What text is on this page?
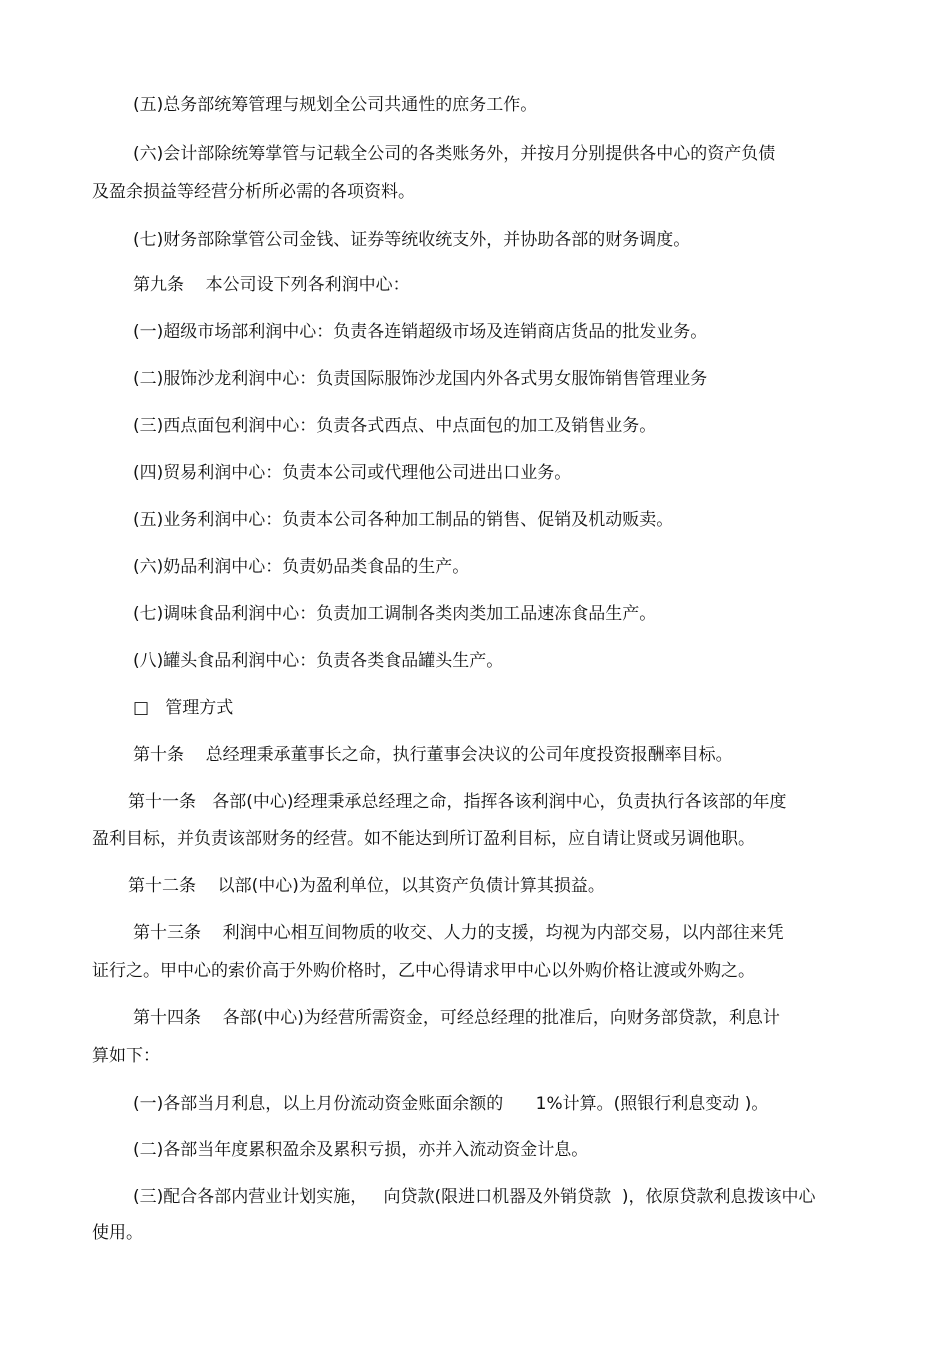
(五)总务部统筹管理与规划全公司共通性的庶务工作。
(六)会计部除统筹掌管与记载全公司的各类账务外，并按月分别提供各中心的资产负债
及盈余损益等经营分析所必需的各项资料。
(七)财务部除掌管公司金钱、证券等统收统支外，并协助各部的财务调度。
第九条    本公司设下列各利润中心：
(一)超级市场部利润中心：负责各连销超级市场及连销商店货品的批发业务。
(二)服饰沙龙利润中心：负责国际服饰沙龙国内外各式男女服饰销售管理业务
(三)西点面包利润中心：负责各式西点、中点面包的加工及销售业务。
(四)贸易利润中心：负责本公司或代理他公司进出口业务。
(五)业务利润中心：负责本公司各种加工制品的销售、促销及机动贩卖。
(六)奶品利润中心：负责奶品类食品的生产。
(七)调味食品利润中心：负责加工调制各类肉类加工品速冻食品生产。
(八)罐头食品利润中心：负责各类食品罐头生产。
□   管理方式
第十条    总经理秉承董事长之命，执行董事会决议的公司年度投资报酬率目标。
第十一条   各部(中心)经理秉承总经理之命，指挥各该利润中心，负责执行各该部的年度
盈利目标，并负责该部财务的经营。如不能达到所订盈利目标，应自请让贤或另调他职。
第十二条    以部(中心)为盈利单位，以其资产负债计算其损益。
第十三条    利润中心相互间物质的收交、人力的支援，均视为内部交易，以内部往来凭
证行之。甲中心的索价高于外购价格时，乙中心得请求甲中心以外购价格让渡或外购之。
第十四条    各部(中心)为经营所需资金，可经总经理的批准后，向财务部贷款，利息计
算如下：
(一)各部当月利息，以上月份流动资金账面余额的      1%计算。(照银行利息变动 )。
(二)各部当年度累积盈余及累积亏损，亦并入流动资金计息。
(三)配合各部内营业计划实施，   向贷款(限进口机器及外销贷款  )，依原贷款利息拨该中心
使用。
